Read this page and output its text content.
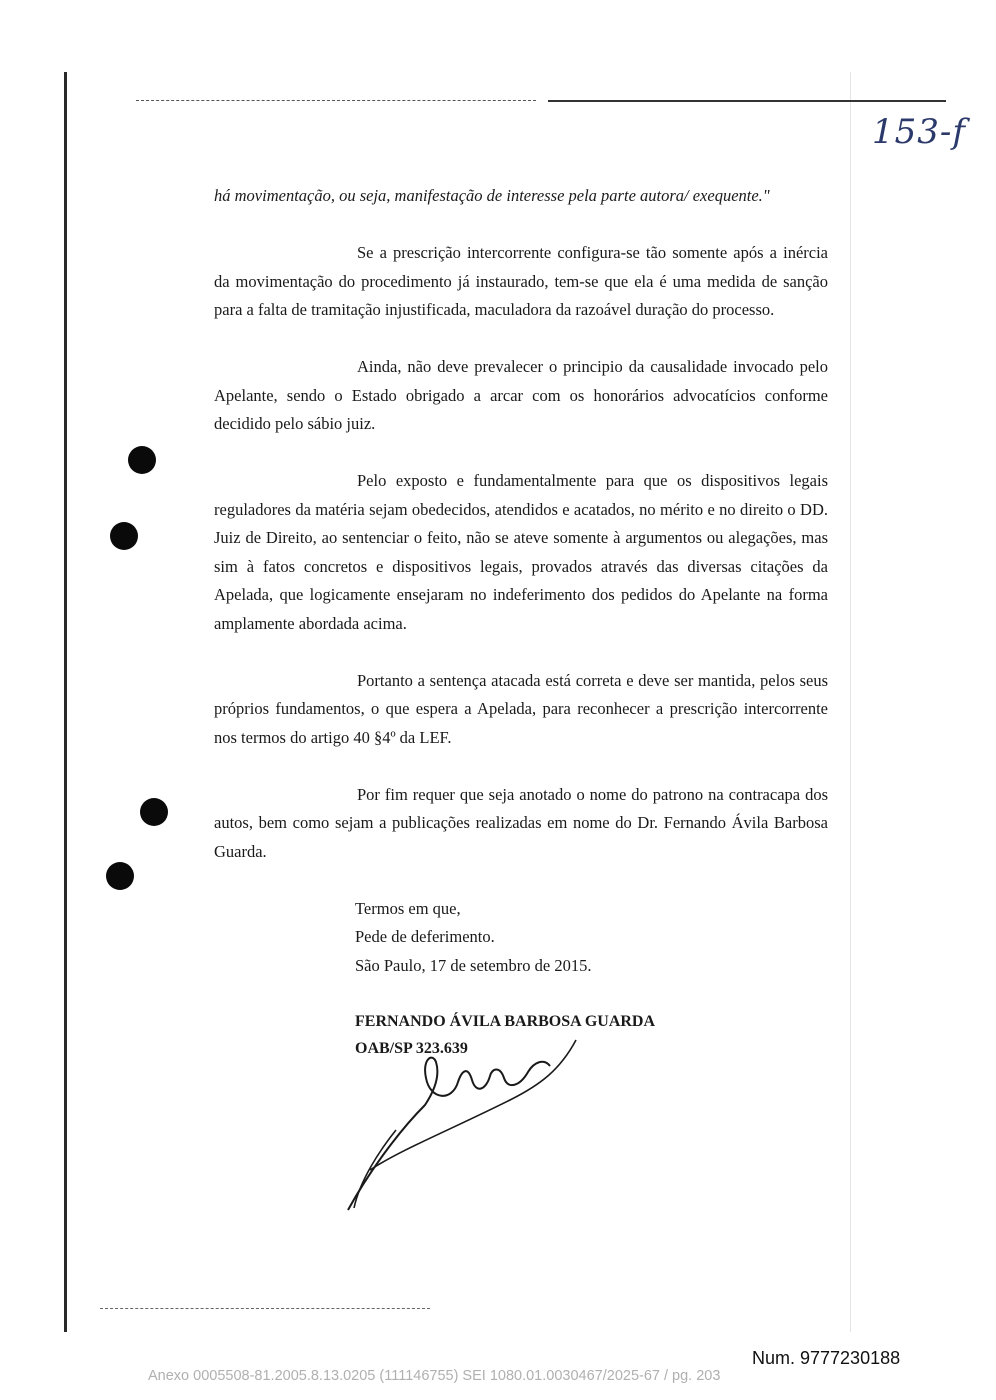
153-f

há movimentação, ou seja, manifestação de interesse pela parte autora/ exequente."

Se a prescrição intercorrente configura-se tão somente após a inércia da movimentação do procedimento já instaurado, tem-se que ela é uma medida de sanção para a falta de tramitação injustificada, maculadora da razoável duração do processo.

Ainda, não deve prevalecer o principio da causalidade invocado pelo Apelante, sendo o Estado obrigado a arcar com os honorários advocatícios conforme decidido pelo sábio juiz.

Pelo exposto e fundamentalmente para que os dispositivos legais reguladores da matéria sejam obedecidos, atendidos e acatados, no mérito e no direito o DD. Juiz de Direito, ao sentenciar o feito, não se ateve somente à argumentos ou alegações, mas sim à fatos concretos e dispositivos legais, provados através das diversas citações da Apelada, que logicamente ensejaram no indeferimento dos pedidos do Apelante na forma amplamente abordada acima.

Portanto a sentença atacada está correta e deve ser mantida, pelos seus próprios fundamentos, o que espera a Apelada, para reconhecer a prescrição intercorrente nos termos do artigo 40 §4º da LEF.

Por fim requer que seja anotado o nome do patrono na contracapa dos autos, bem como sejam a publicações realizadas em nome do Dr. Fernando Ávila Barbosa Guarda.

Termos em que,
Pede de deferimento.
São Paulo, 17 de setembro de 2015.
FERNANDO ÁVILA BARBOSA GUARDA
OAB/SP 323.639
Num. 9777230188
Anexo 0005508-81.2005.8.13.0205 (111146755) SEI 1080.01.0030467/2025-67 / pg. 203
